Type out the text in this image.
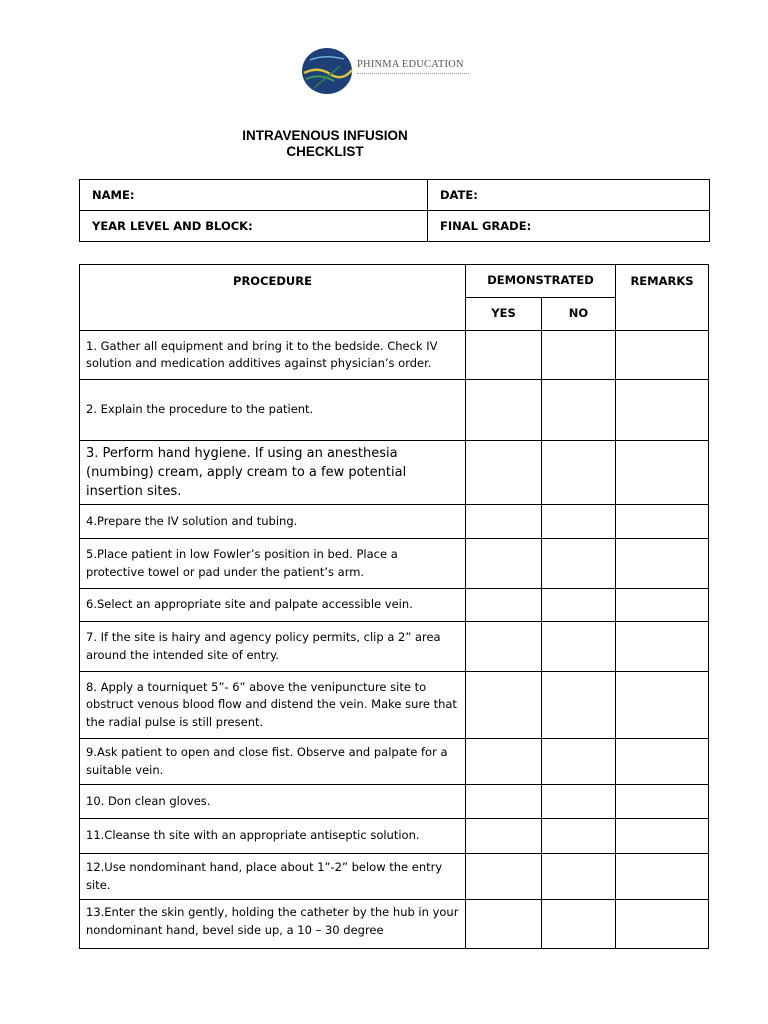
PHINMA EDUCATION
INTRAVENOUS INFUSION
CHECKLIST
NAME:	DATE:
YEAR LEVEL AND BLOCK:	FINAL GRADE:
PROCEDURE	DEMONSTRATED		REMARKS
	YES	NO	
1. Gather all equipment and bring it to the bedside. Check IV solution and medication additives against physician’s order.			
2. Explain the procedure to the patient.			
3. Perform hand hygiene. If using an anesthesia (numbing) cream, apply cream to a few potential insertion sites.			
4.Prepare the IV solution and tubing.			
5.Place patient in low Fowler’s position in bed. Place a protective towel or pad under the patient’s arm.			
6.Select an appropriate site and palpate accessible vein.			
7. If the site is hairy and agency policy permits, clip a 2” area around the intended site of entry.			
8. Apply a tourniquet 5”- 6” above the venipuncture site to obstruct venous blood flow and distend the vein. Make sure that the radial pulse is still present.			
9.Ask patient to open and close fist. Observe and palpate for a suitable vein.			
10. Don clean gloves.			
11.Cleanse th site with an appropriate antiseptic solution.			
12.Use nondominant hand, place about 1”-2” below the entry site.			
13.Enter the skin gently, holding the catheter by the hub in your nondominant hand, bevel side up, a 10 – 30 degree			
